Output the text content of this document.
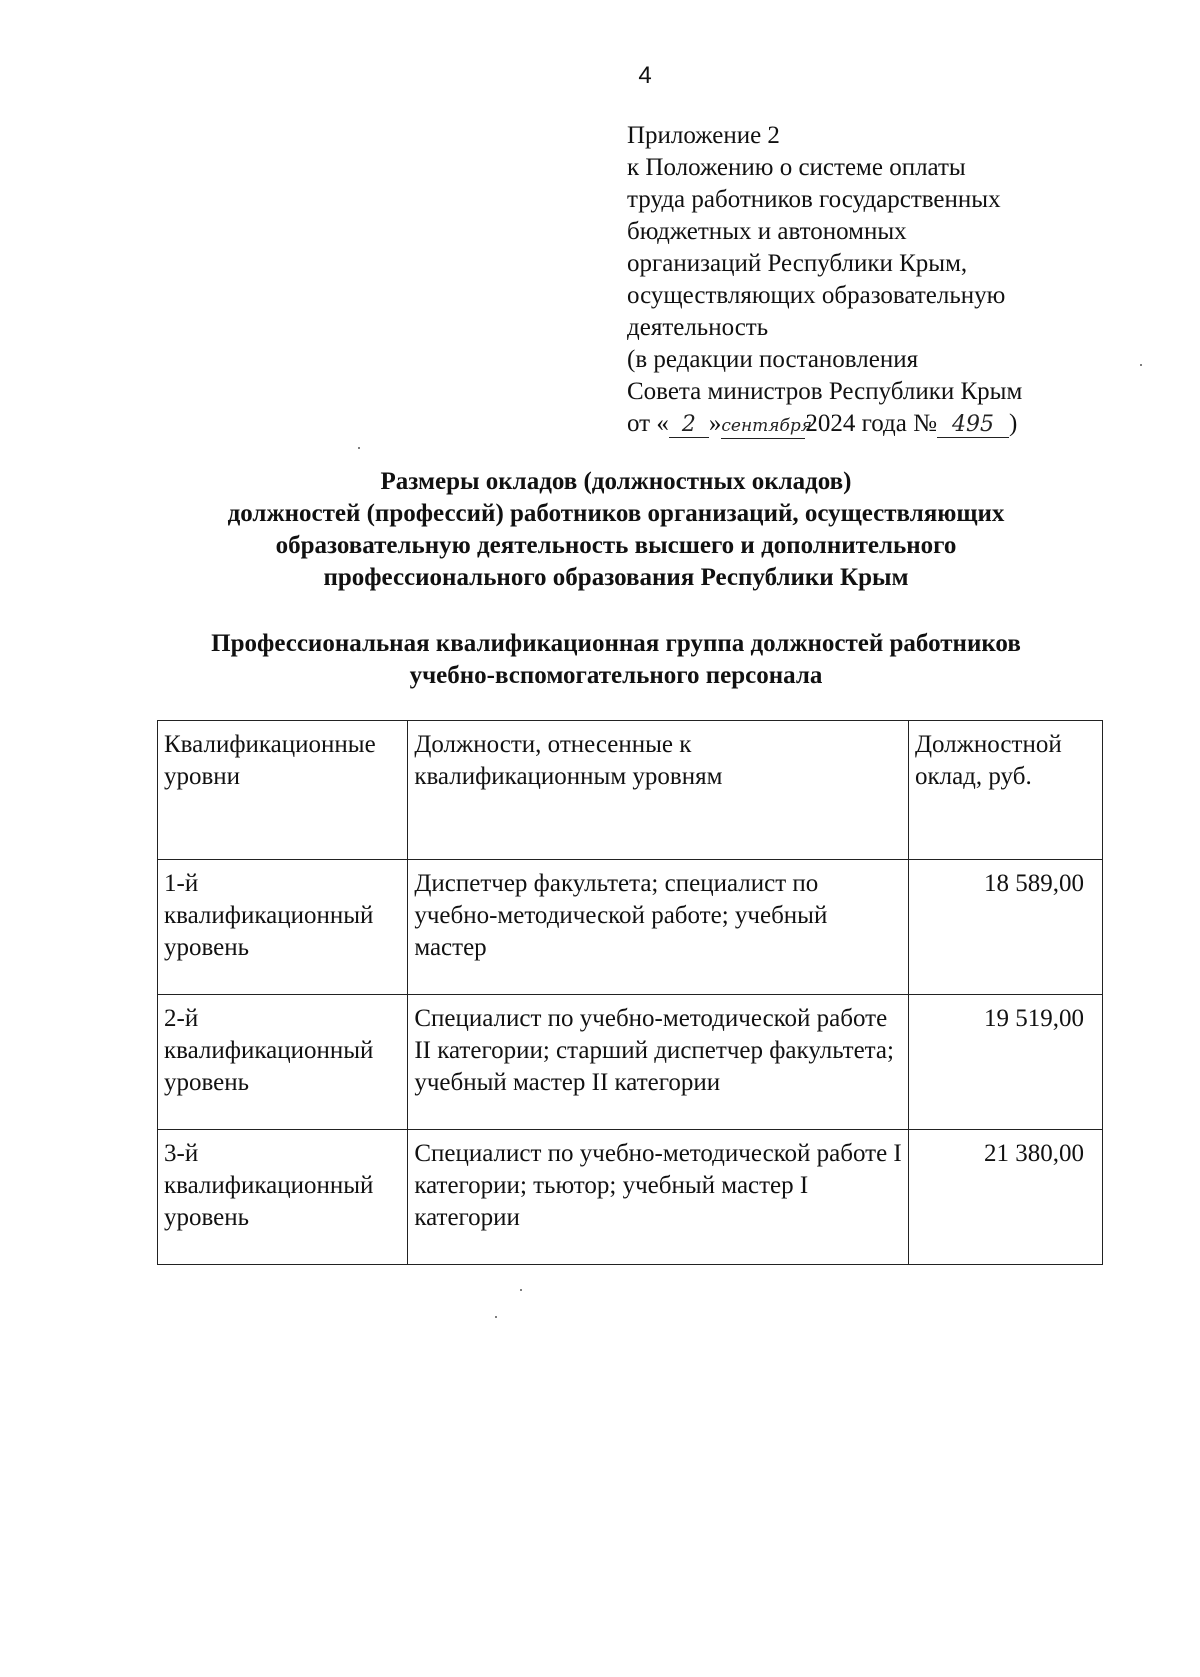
4
Приложение 2
к Положению о системе оплаты
труда работников государственных
бюджетных и автономных
организаций Республики Крым,
осуществляющих образовательную
деятельность
(в редакции постановления
Совета министров Республики Крым
от « 2 »сентября2024 года № 495 )
Размеры окладов (должностных окладов)
должностей (профессий) работников организаций, осуществляющих
образовательную деятельность высшего и дополнительного
профессионального образования Республики Крым
Профессиональная квалификационная группа должностей работников
учебно-вспомогательного персонала
Квалификационные уровни	Должности, отнесенные к квалификационным уровням	Должностной оклад, руб.
1-й квалификационный уровень	Диспетчер факультета; специалист по учебно-методической работе; учебный мастер	18 589,00
2-й квалификационный уровень	Специалист по учебно-методической работе II категории; старший диспетчер факультета; учебный мастер II категории	19 519,00
3-й квалификационный уровень	Специалист по учебно-методической работе I категории; тьютор; учебный мастер I категории	21 380,00
